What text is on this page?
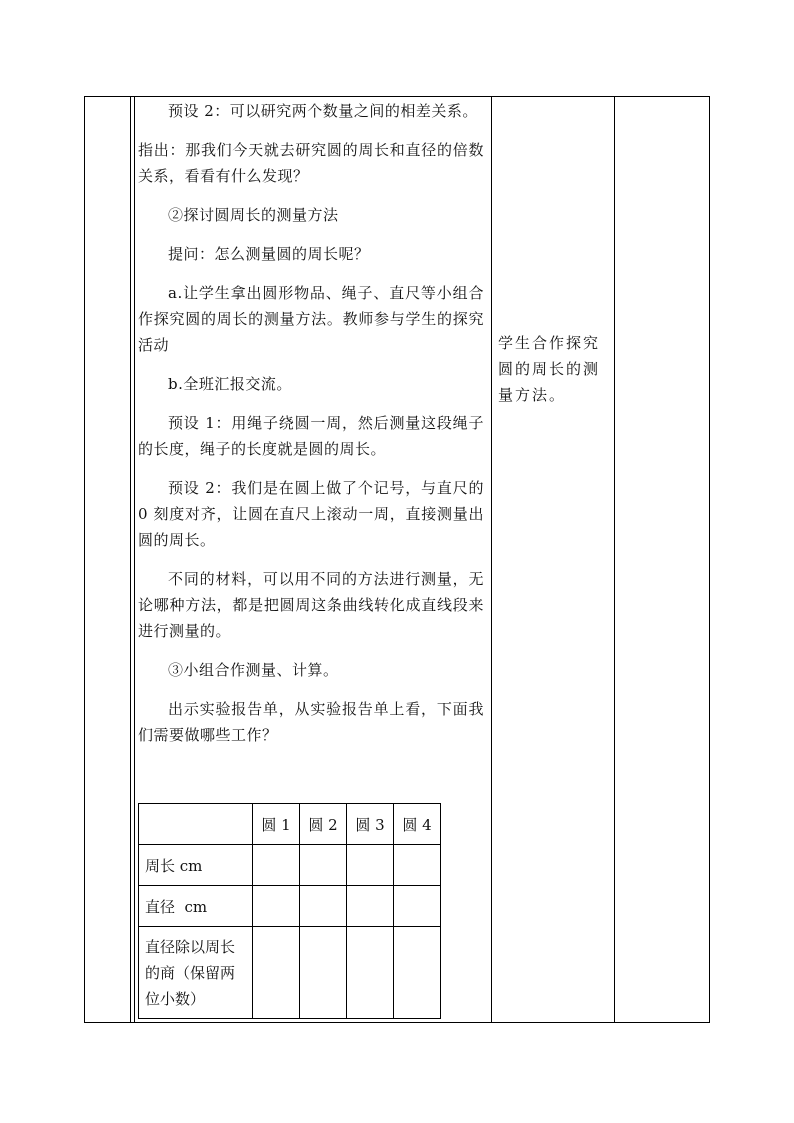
预设 2：可以研究两个数量之间的相差关系。

指出：那我们今天就去研究圆的周长和直径的倍数关系，看看有什么发现？

②探讨圆周长的测量方法

提问：怎么测量圆的周长呢？

a.让学生拿出圆形物品、绳子、直尺等小组合作探究圆的周长的测量方法。教师参与学生的探究活动

b.全班汇报交流。

预设 1：用绳子绕圆一周，然后测量这段绳子的长度，绳子的长度就是圆的周长。

预设 2：我们是在圆上做了个记号，与直尺的 0 刻度对齐，让圆在直尺上滚动一周，直接测量出圆的周长。

不同的材料，可以用不同的方法进行测量，无论哪种方法，都是把圆周这条曲线转化成直线段来进行测量的。

③小组合作测量、计算。

出示实验报告单，从实验报告单上看，下面我们需要做哪些工作？

学生合作探究圆的周长的测量方法。
	圆 1	圆 2	圆 3	圆 4
周长 cm				
直径  cm				
直径除以周长的商（保留两位小数）				
